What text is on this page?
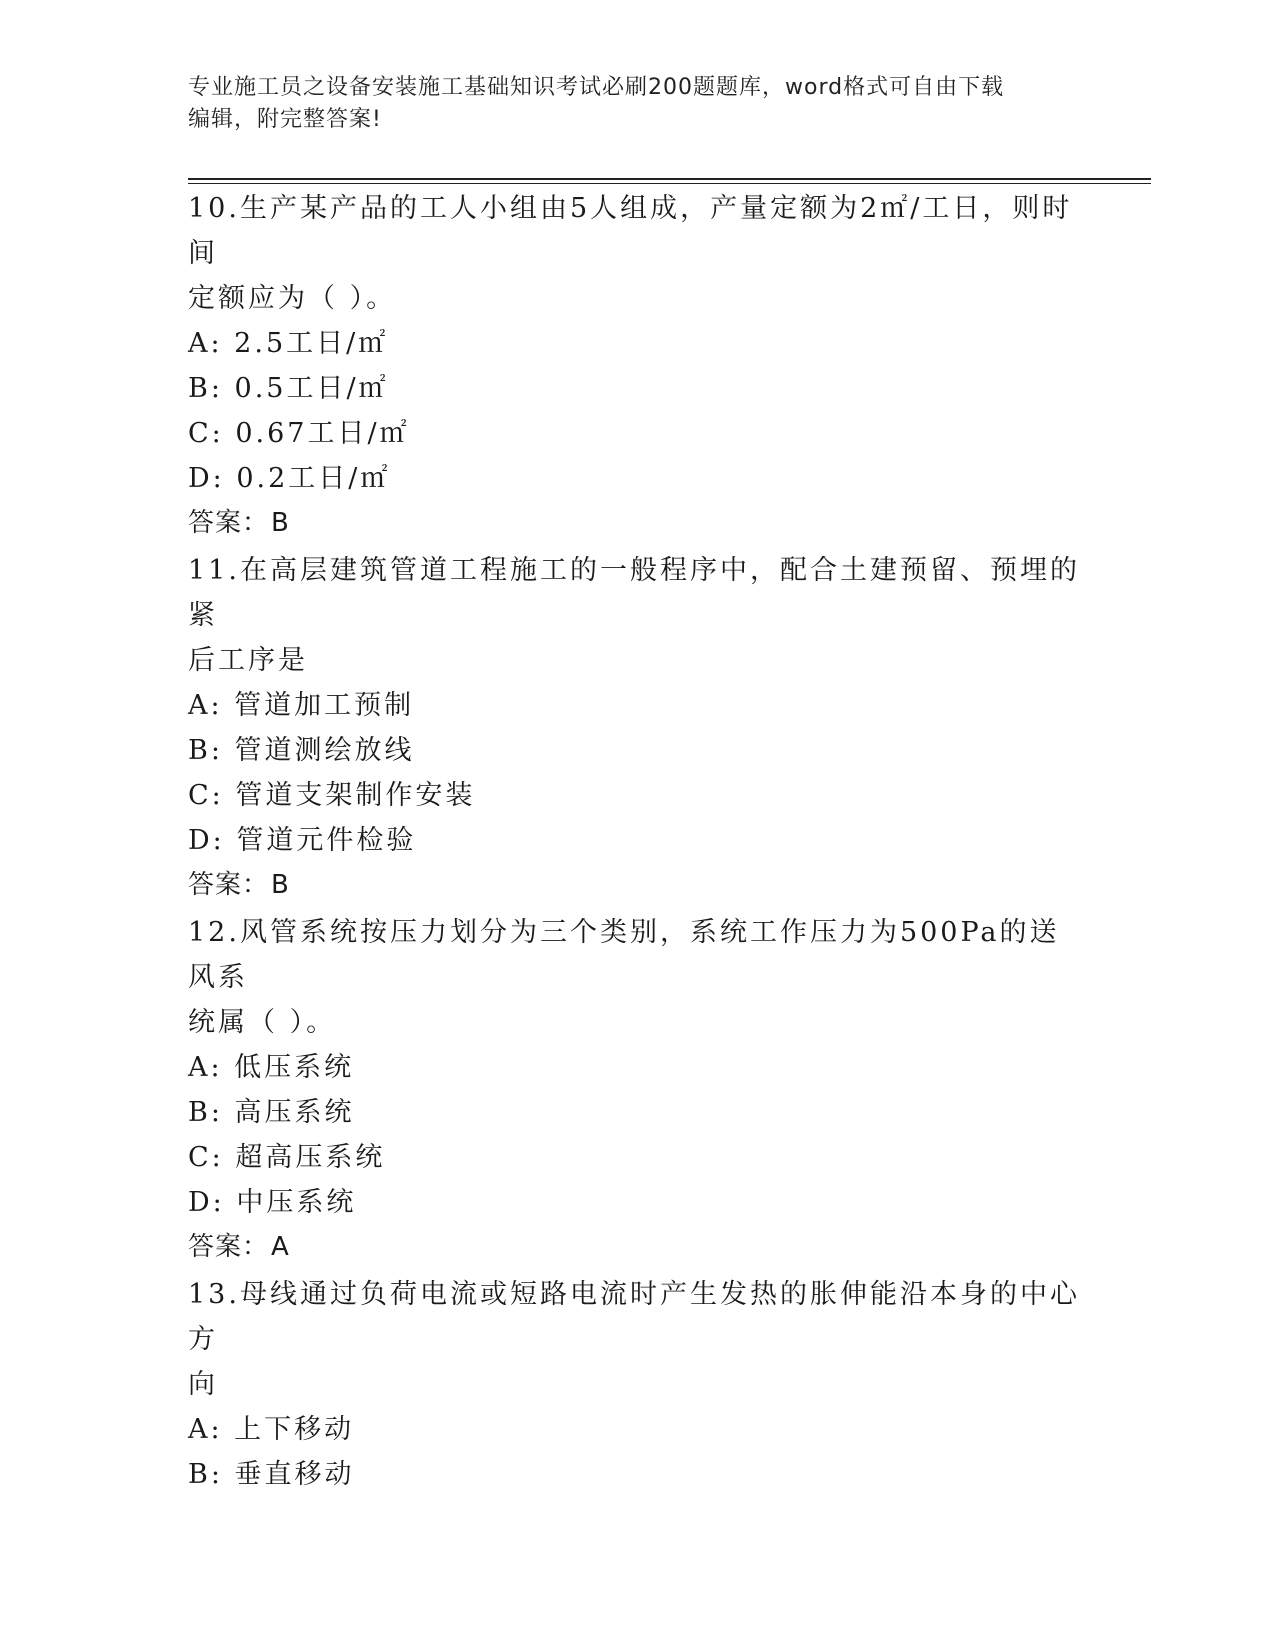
专业施工员之设备安装施工基础知识考试必刷200题题库，word格式可自由下载
编辑，附完整答案!

10.生产某产品的工人小组由5人组成，产量定额为2㎡/工日，则时间

定额应为（ ）。

A: 2.5工日/㎡

B: 0.5工日/㎡

C: 0.67工日/㎡

D: 0.2工日/㎡

答案：B

11.在高层建筑管道工程施工的一般程序中，配合土建预留、预埋的紧

后工序是

A: 管道加工预制

B: 管道测绘放线

C: 管道支架制作安装

D: 管道元件检验

答案：B

12.风管系统按压力划分为三个类别，系统工作压力为500Pa的送风系

统属（ ）。

A: 低压系统

B: 高压系统

C: 超高压系统

D: 中压系统

答案：A

13.母线通过负荷电流或短路电流时产生发热的胀伸能沿本身的中心方

向

A: 上下移动

B: 垂直移动
